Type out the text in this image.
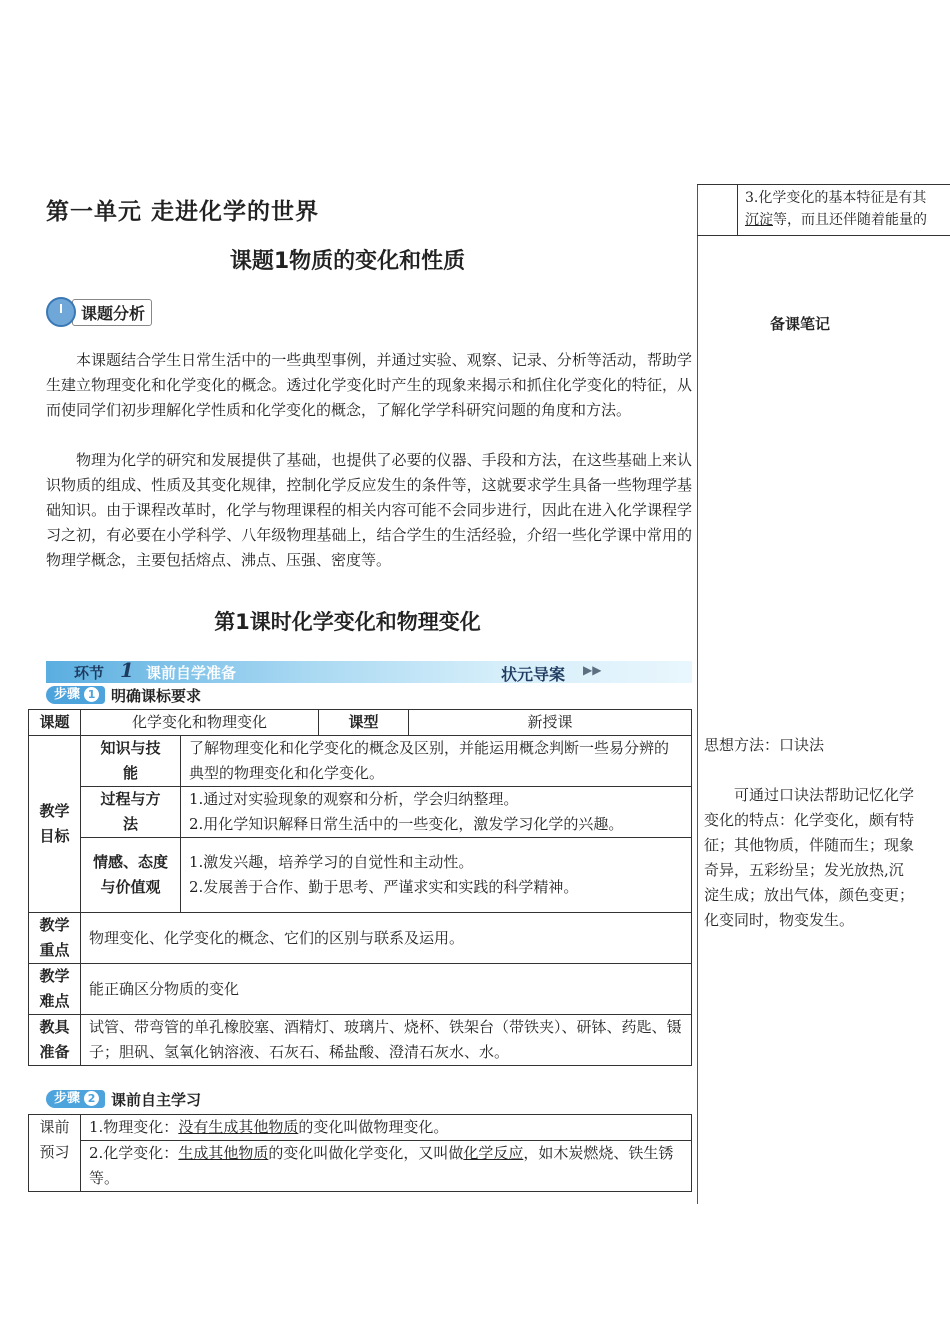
第一单元 走进化学的世界
课题1物质的变化和性质
课题分析
本课题结合学生日常生活中的一些典型事例，并通过实验、观察、记录、分析等活动，帮助学生建立物理变化和化学变化的概念。透过化学变化时产生的现象来揭示和抓住化学变化的特征，从而使同学们初步理解化学性质和化学变化的概念，了解化学学科研究问题的角度和方法。
物理为化学的研究和发展提供了基础，也提供了必要的仪器、手段和方法，在这些基础上来认识物质的组成、性质及其变化规律，控制化学反应发生的条件等，这就要求学生具备一些物理学基础知识。由于课程改革时，化学与物理课程的相关内容可能不会同步进行，因此在进入化学课程学习之初，有必要在小学科学、八年级物理基础上，结合学生的生活经验，介绍一些化学课中常用的物理学概念，主要包括熔点、沸点、压强、密度等。
第1课时化学变化和物理变化
环节 1 课前自学准备	状元导案 ▶▶
步骤 1	明确课标要求
课题	化学变化和物理变化		课型	新授课
教学目标	知识与技能	了解物理变化和化学变化的概念及区别，并能运用概念判断一些易分辨的典型的物理变化和化学变化。		
	过程与方法	1.通过对实验现象的观察和分析，学会归纳整理。
2.用化学知识解释日常生活中的一些变化，激发学习化学的兴趣。		

	情感、态度与价值观	1.激发兴趣，培养学习的自觉性和主动性。
2.发展善于合作、勤于思考、严谨求实和实践的科学精神。		

教学重点	物理变化、化学变化的概念、它们的区别与联系及运用。			
教学难点	能正确区分物质的变化			
教具准备	试管、带弯管的单孔橡胶塞、酒精灯、玻璃片、烧杯、铁架台（带铁夹）、研钵、药匙、镊子；胆矾、氢氧化钠溶液、石灰石、稀盐酸、澄清石灰水、水。			
步骤 2	课前自主学习
课前预习	1.物理变化：没有生成其他物质的变化叫做物理变化。
2.化学变化：生成其他物质的变化叫做化学变化，又叫做化学反应，如木炭燃烧、铁生锈等。
3.化学变化的基本特征是有其
沉淀等，而且还伴随着能量的
备课笔记
思想方法：口诀法
可通过口诀法帮助记忆化学变化的特点：化学变化，颇有特征；其他物质，伴随而生；现象奇异，五彩纷呈；发光放热,沉淀生成；放出气体，颜色变更；化变同时，物变发生。
